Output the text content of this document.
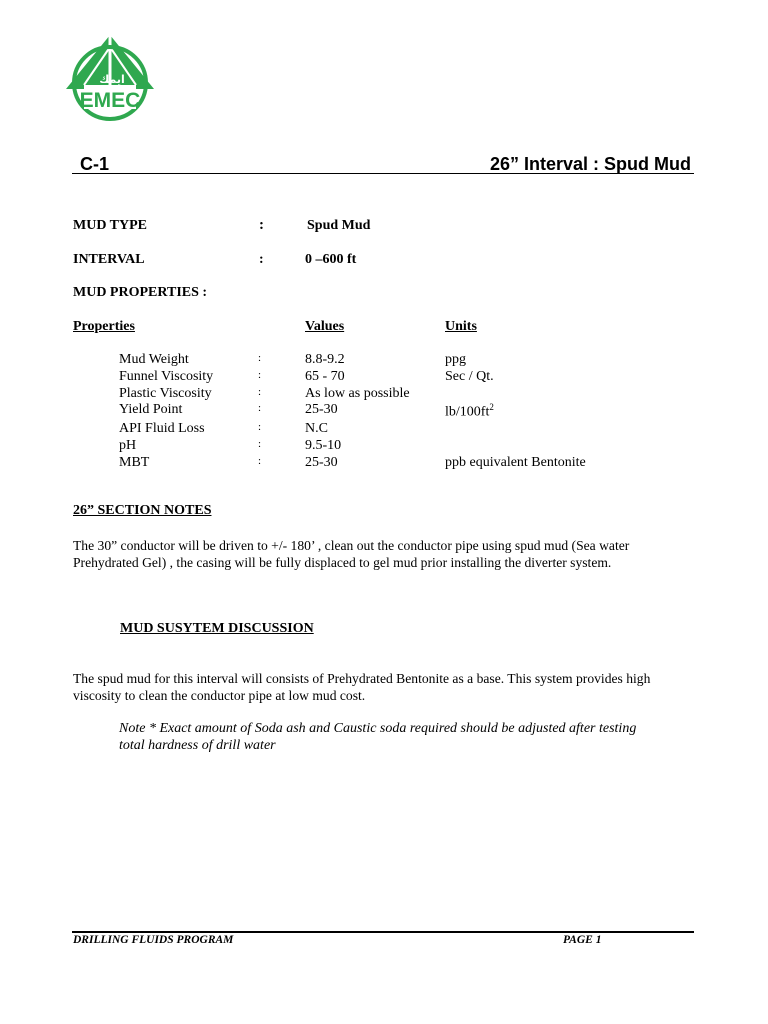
ايمك
EMEC
C-1	26” Interval : Spud Mud
MUD TYPE	:	Spud Mud
INTERVAL	:	0 –600 ft
MUD PROPERTIES :
Properties	Values	Units
Mud Weight	:	8.8-9.2	ppg
Funnel Viscosity	:	65 - 70	Sec / Qt.
Plastic Viscosity	:	As low as possible	
Yield Point	:	25-30	$lb/100ft^2$
API Fluid Loss	:	N.C	
pH	:	9.5-10	
MBT	:	25-30	ppb equivalent Bentonite
26” SECTION NOTES
The 30” conductor will be driven to +/- 180’ , clean out the conductor pipe using spud mud (Sea water Prehydrated Gel) , the casing will be fully displaced to gel mud prior installing the diverter system.
MUD SUSYTEM DISCUSSION
The spud mud for this interval will consists of Prehydrated Bentonite as a base. This system provides high viscosity to clean the conductor pipe at low mud cost.
Note * Exact amount of Soda ash and Caustic soda required should be adjusted after testing total hardness of drill water
DRILLING FLUIDS PROGRAM	PAGE 1
